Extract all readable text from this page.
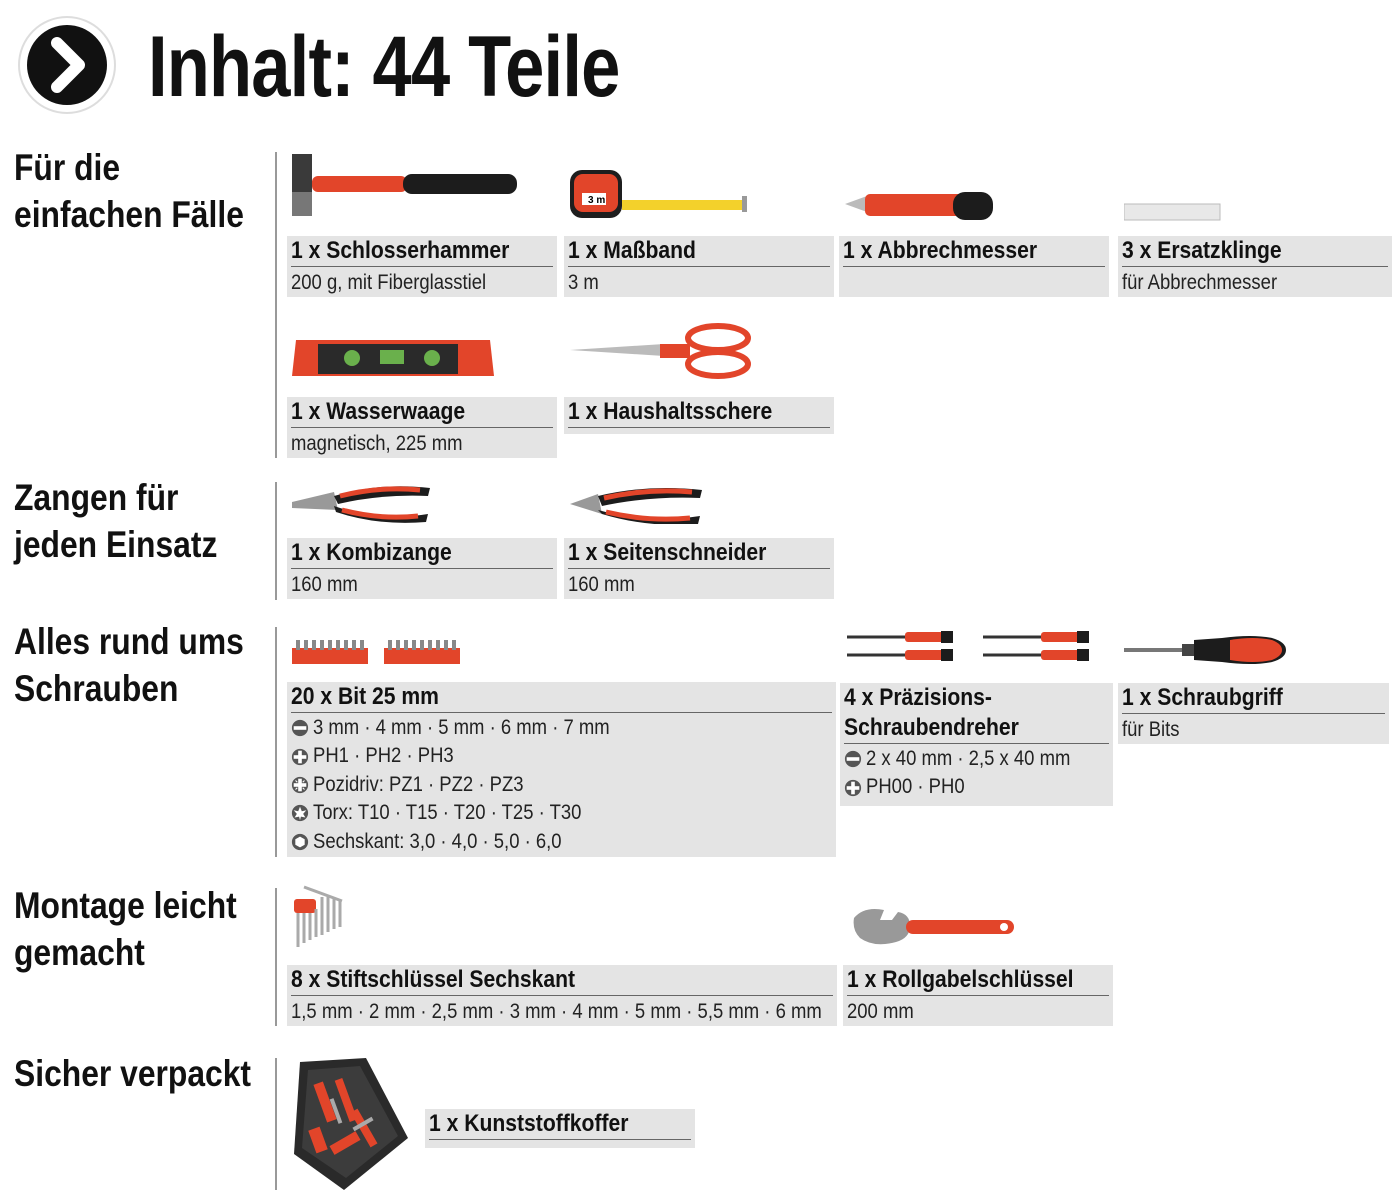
Inhalt: 44 Teile
Für die
einfachen Fälle
1 x Schlosserhammer
200 g, mit Fiberglasstiel
3 m
1 x Maßband
3 m
1 x Abbrechmesser	3 x Ersatzklinge
für Abbrechmesser
1 x Wasserwaage
magnetisch, 225 mm
1 x Haushaltsschere
Zangen für
jeden Einsatz	1 x Kombizange
160 mm
1 x Seitenschneider
160 mm
Alles rund ums
Schrauben	20 x Bit 25 mm
3 mm · 4 mm · 5 mm · 6 mm · 7 mm
PH1 · PH2 · PH3
Pozidriv: PZ1 · PZ2 · PZ3
Torx: T10 · T15 · T20 · T25 · T30
Sechskant: 3,0 · 4,0 · 5,0 · 6,0
4 x Präzisions-
Schraubendreher
2 x 40 mm · 2,5 x 40 mm
PH00 · PH0
1 x Schraubgriff
für Bits
Montage leicht
gemacht
8 x Stiftschlüssel Sechskant
1,5 mm · 2 mm · 2,5 mm · 3 mm · 4 mm · 5 mm · 5,5 mm · 6 mm
1 x Rollgabelschlüssel
200 mm
Sicher verpackt
1 x Kunststoffkoffer
